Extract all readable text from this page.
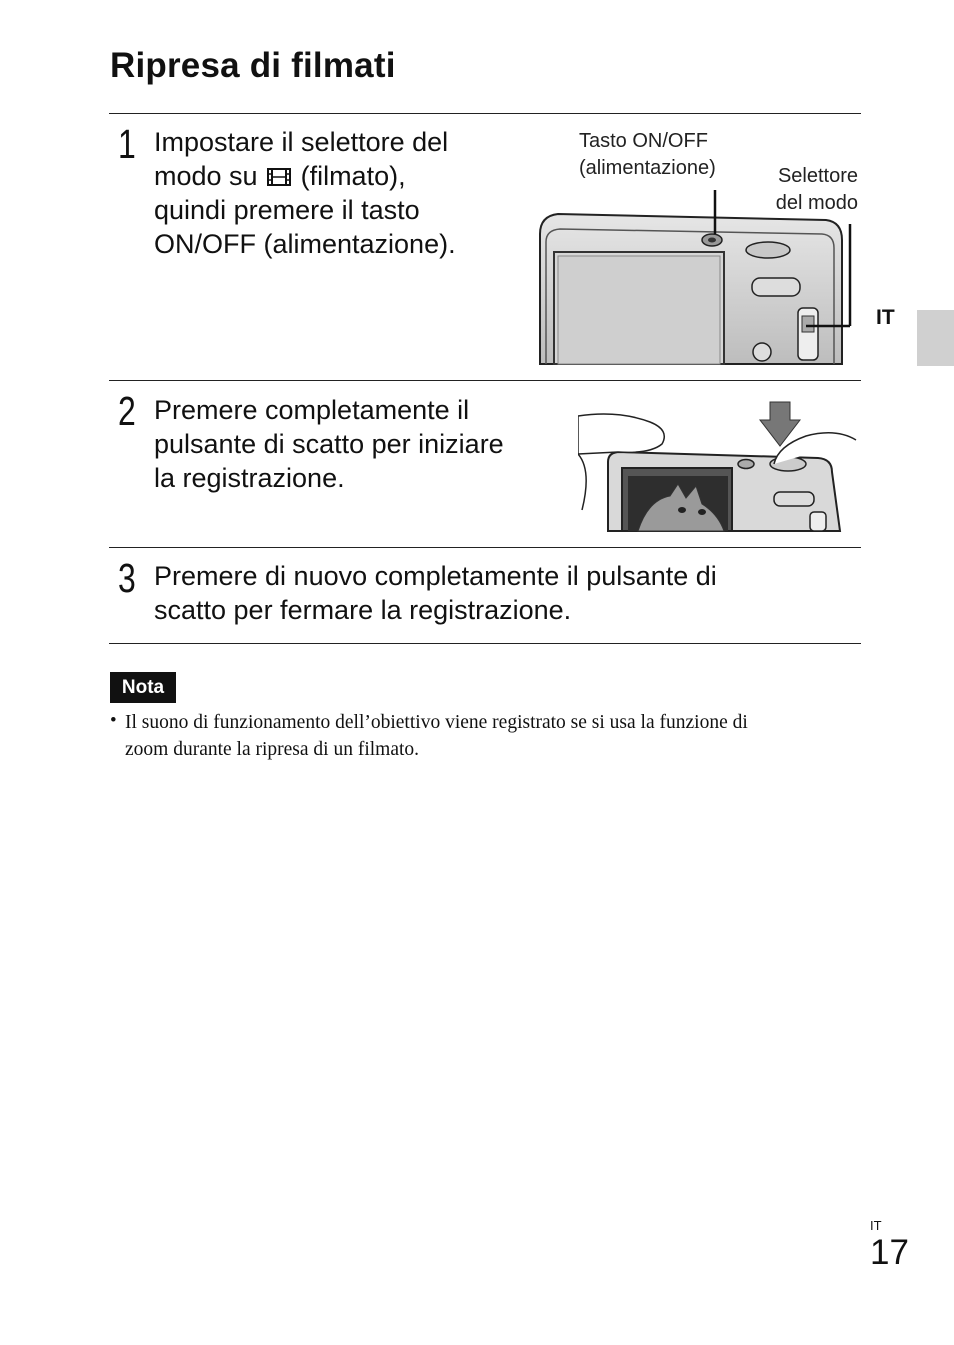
Ripresa di filmati
1 Impostare il selettore del
modo su  (filmato),
quindi premere il tasto
ON/OFF (alimentazione).
Tasto ON/OFF
(alimentazione)	Selettore
del modo
2 Premere completamente il
pulsante di scatto per iniziare
la registrazione.
3 Premere di nuovo completamente il pulsante di
scatto per fermare la registrazione.
IT
Nota
• Il suono di funzionamento dell’obiettivo viene registrato se si usa la funzione di
zoom durante la ripresa di un filmato.
IT
17
